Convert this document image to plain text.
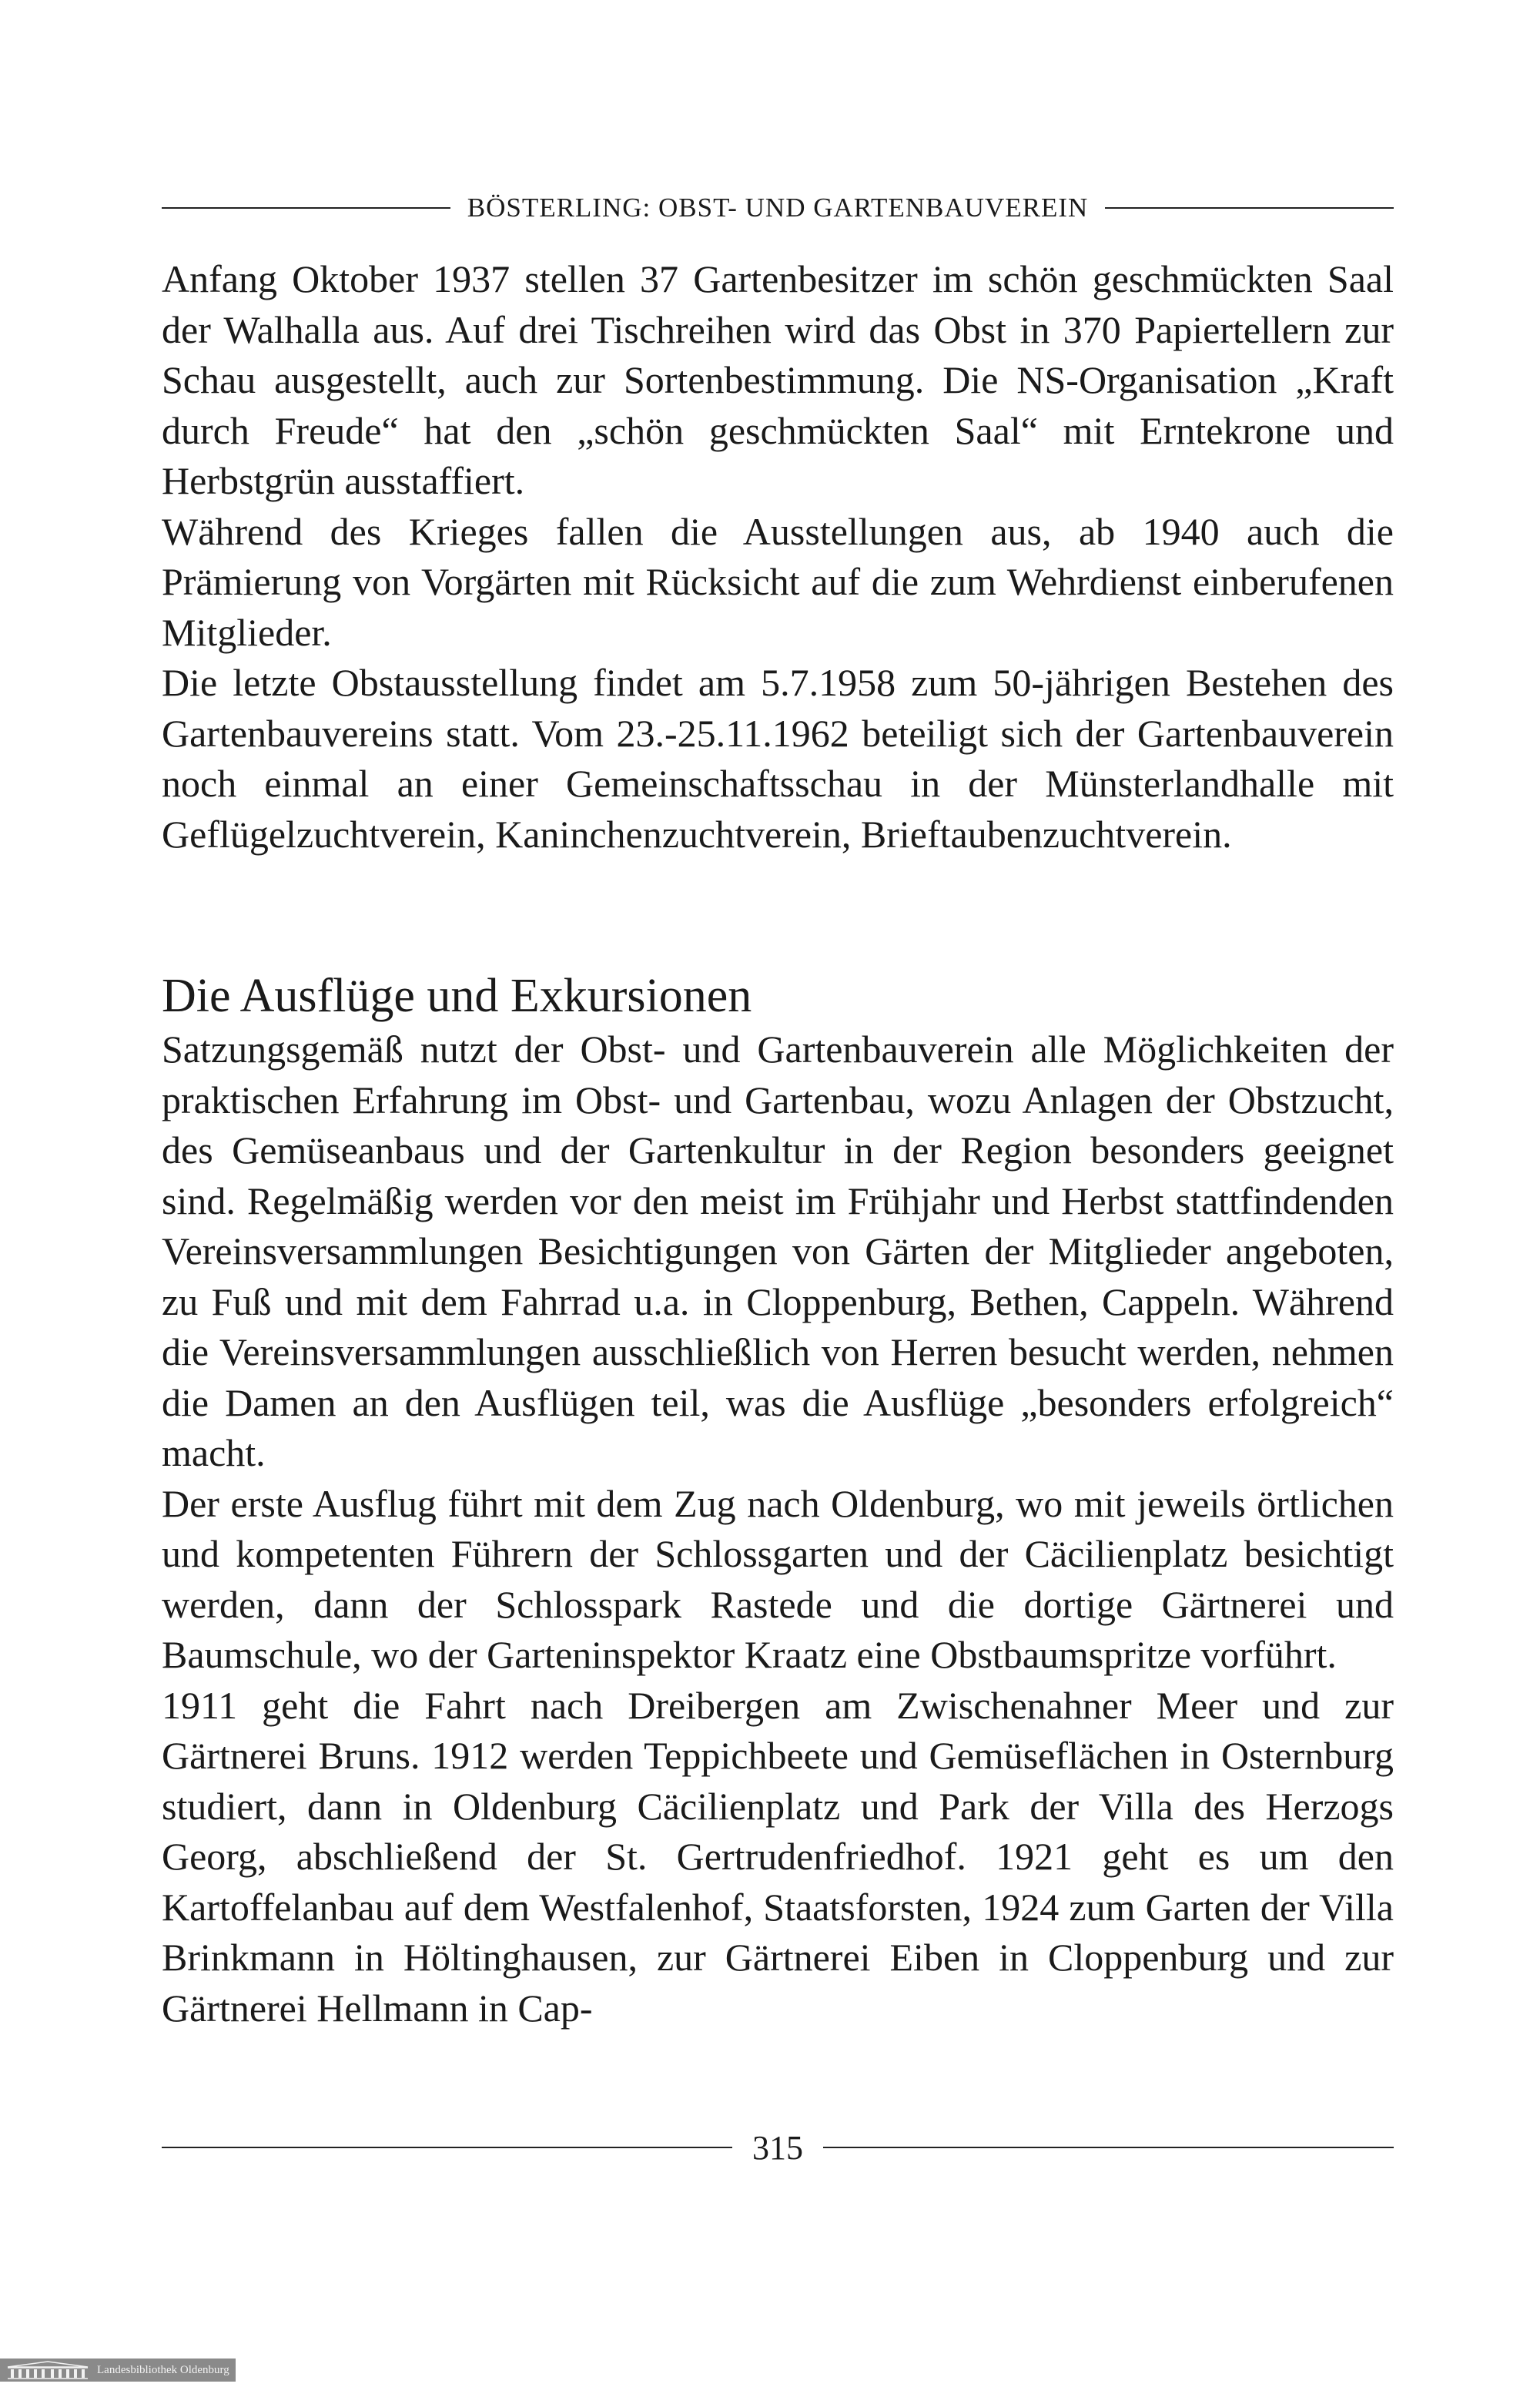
BÖSTERLING: OBST- UND GARTENBAUVEREIN

Anfang Oktober 1937 stellen 37 Gartenbesitzer im schön geschmückten Saal der Walhalla aus. Auf drei Tischreihen wird das Obst in 370 Papiertellern zur Schau ausgestellt, auch zur Sortenbestimmung. Die NS-Organisation „Kraft durch Freude“ hat den „schön geschmückten Saal“ mit Erntekrone und Herbstgrün ausstaffiert.

Während des Krieges fallen die Ausstellungen aus, ab 1940 auch die Prämierung von Vorgärten mit Rücksicht auf die zum Wehrdienst einberufenen Mitglieder.

Die letzte Obstausstellung findet am 5.7.1958 zum 50-jährigen Bestehen des Gartenbauvereins statt. Vom 23.-25.11.1962 beteiligt sich der Gartenbauverein noch einmal an einer Gemeinschaftsschau in der Münsterlandhalle mit Geflügelzuchtverein, Kaninchenzuchtverein, Brieftaubenzuchtverein.

Die Ausflüge und Exkursionen

Satzungsgemäß nutzt der Obst- und Gartenbauverein alle Möglichkeiten der praktischen Erfahrung im Obst- und Gartenbau, wozu Anlagen der Obstzucht, des Gemüseanbaus und der Gartenkultur in der Region besonders geeignet sind. Regelmäßig werden vor den meist im Frühjahr und Herbst stattfindenden Vereinsversammlungen Besichtigungen von Gärten der Mitglieder angeboten, zu Fuß und mit dem Fahrrad u.a. in Cloppenburg, Bethen, Cappeln. Während die Vereinsversammlungen ausschließlich von Herren besucht werden, nehmen die Damen an den Ausflügen teil, was die Ausflüge „besonders erfolgreich“ macht.

Der erste Ausflug führt mit dem Zug nach Oldenburg, wo mit jeweils örtlichen und kompetenten Führern der Schlossgarten und der Cäcilienplatz besichtigt werden, dann der Schlosspark Rastede und die dortige Gärtnerei und Baumschule, wo der Garteninspektor Kraatz eine Obstbaumspritze vorführt.

1911 geht die Fahrt nach Dreibergen am Zwischenahner Meer und zur Gärtnerei Bruns. 1912 werden Teppichbeete und Gemüseflächen in Osternburg studiert, dann in Oldenburg Cäcilienplatz und Park der Villa des Herzogs Georg, abschließend der St. Gertrudenfriedhof. 1921 geht es um den Kartoffelanbau auf dem Westfalenhof, Staatsforsten, 1924 zum Garten der Villa Brinkmann in Höltinghausen, zur Gärtnerei Eiben in Cloppenburg und zur Gärtnerei Hellmann in Cap-

315
Landesbibliothek Oldenburg
